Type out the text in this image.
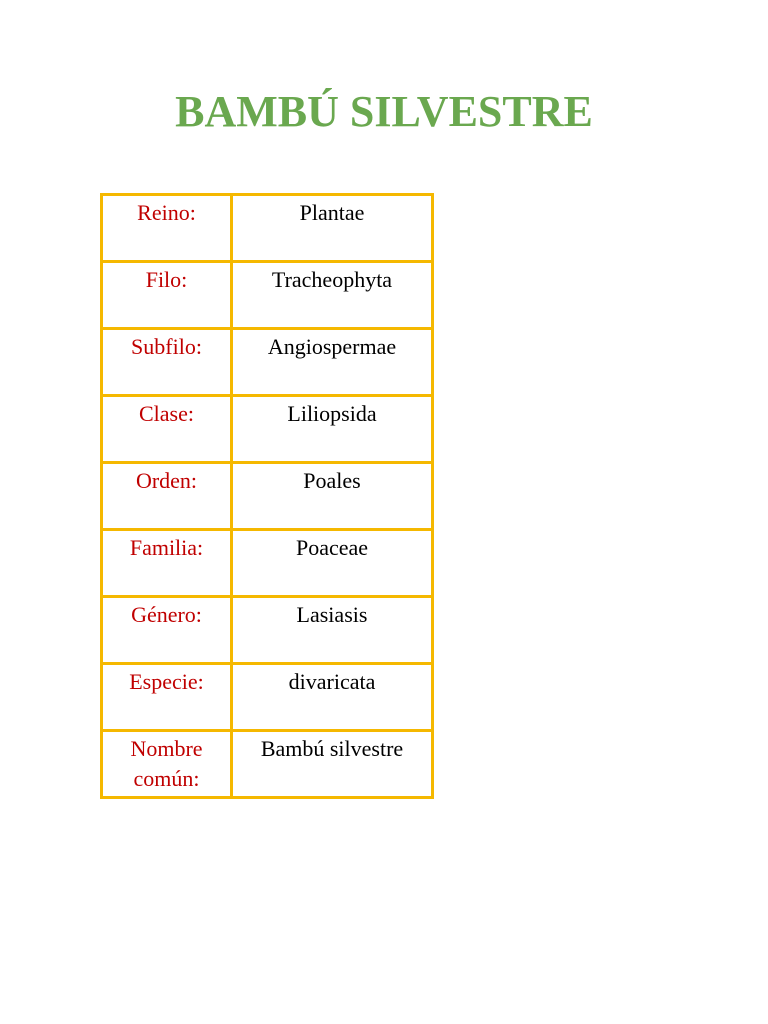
BAMBÚ SILVESTRE
Reino:	Plantae
Filo:	Tracheophyta
Subfilo:	Angiospermae
Clase:	Liliopsida
Orden:	Poales
Familia:	Poaceae
Género:	Lasiasis
Especie:	divaricata
Nombre común:	Bambú silvestre
